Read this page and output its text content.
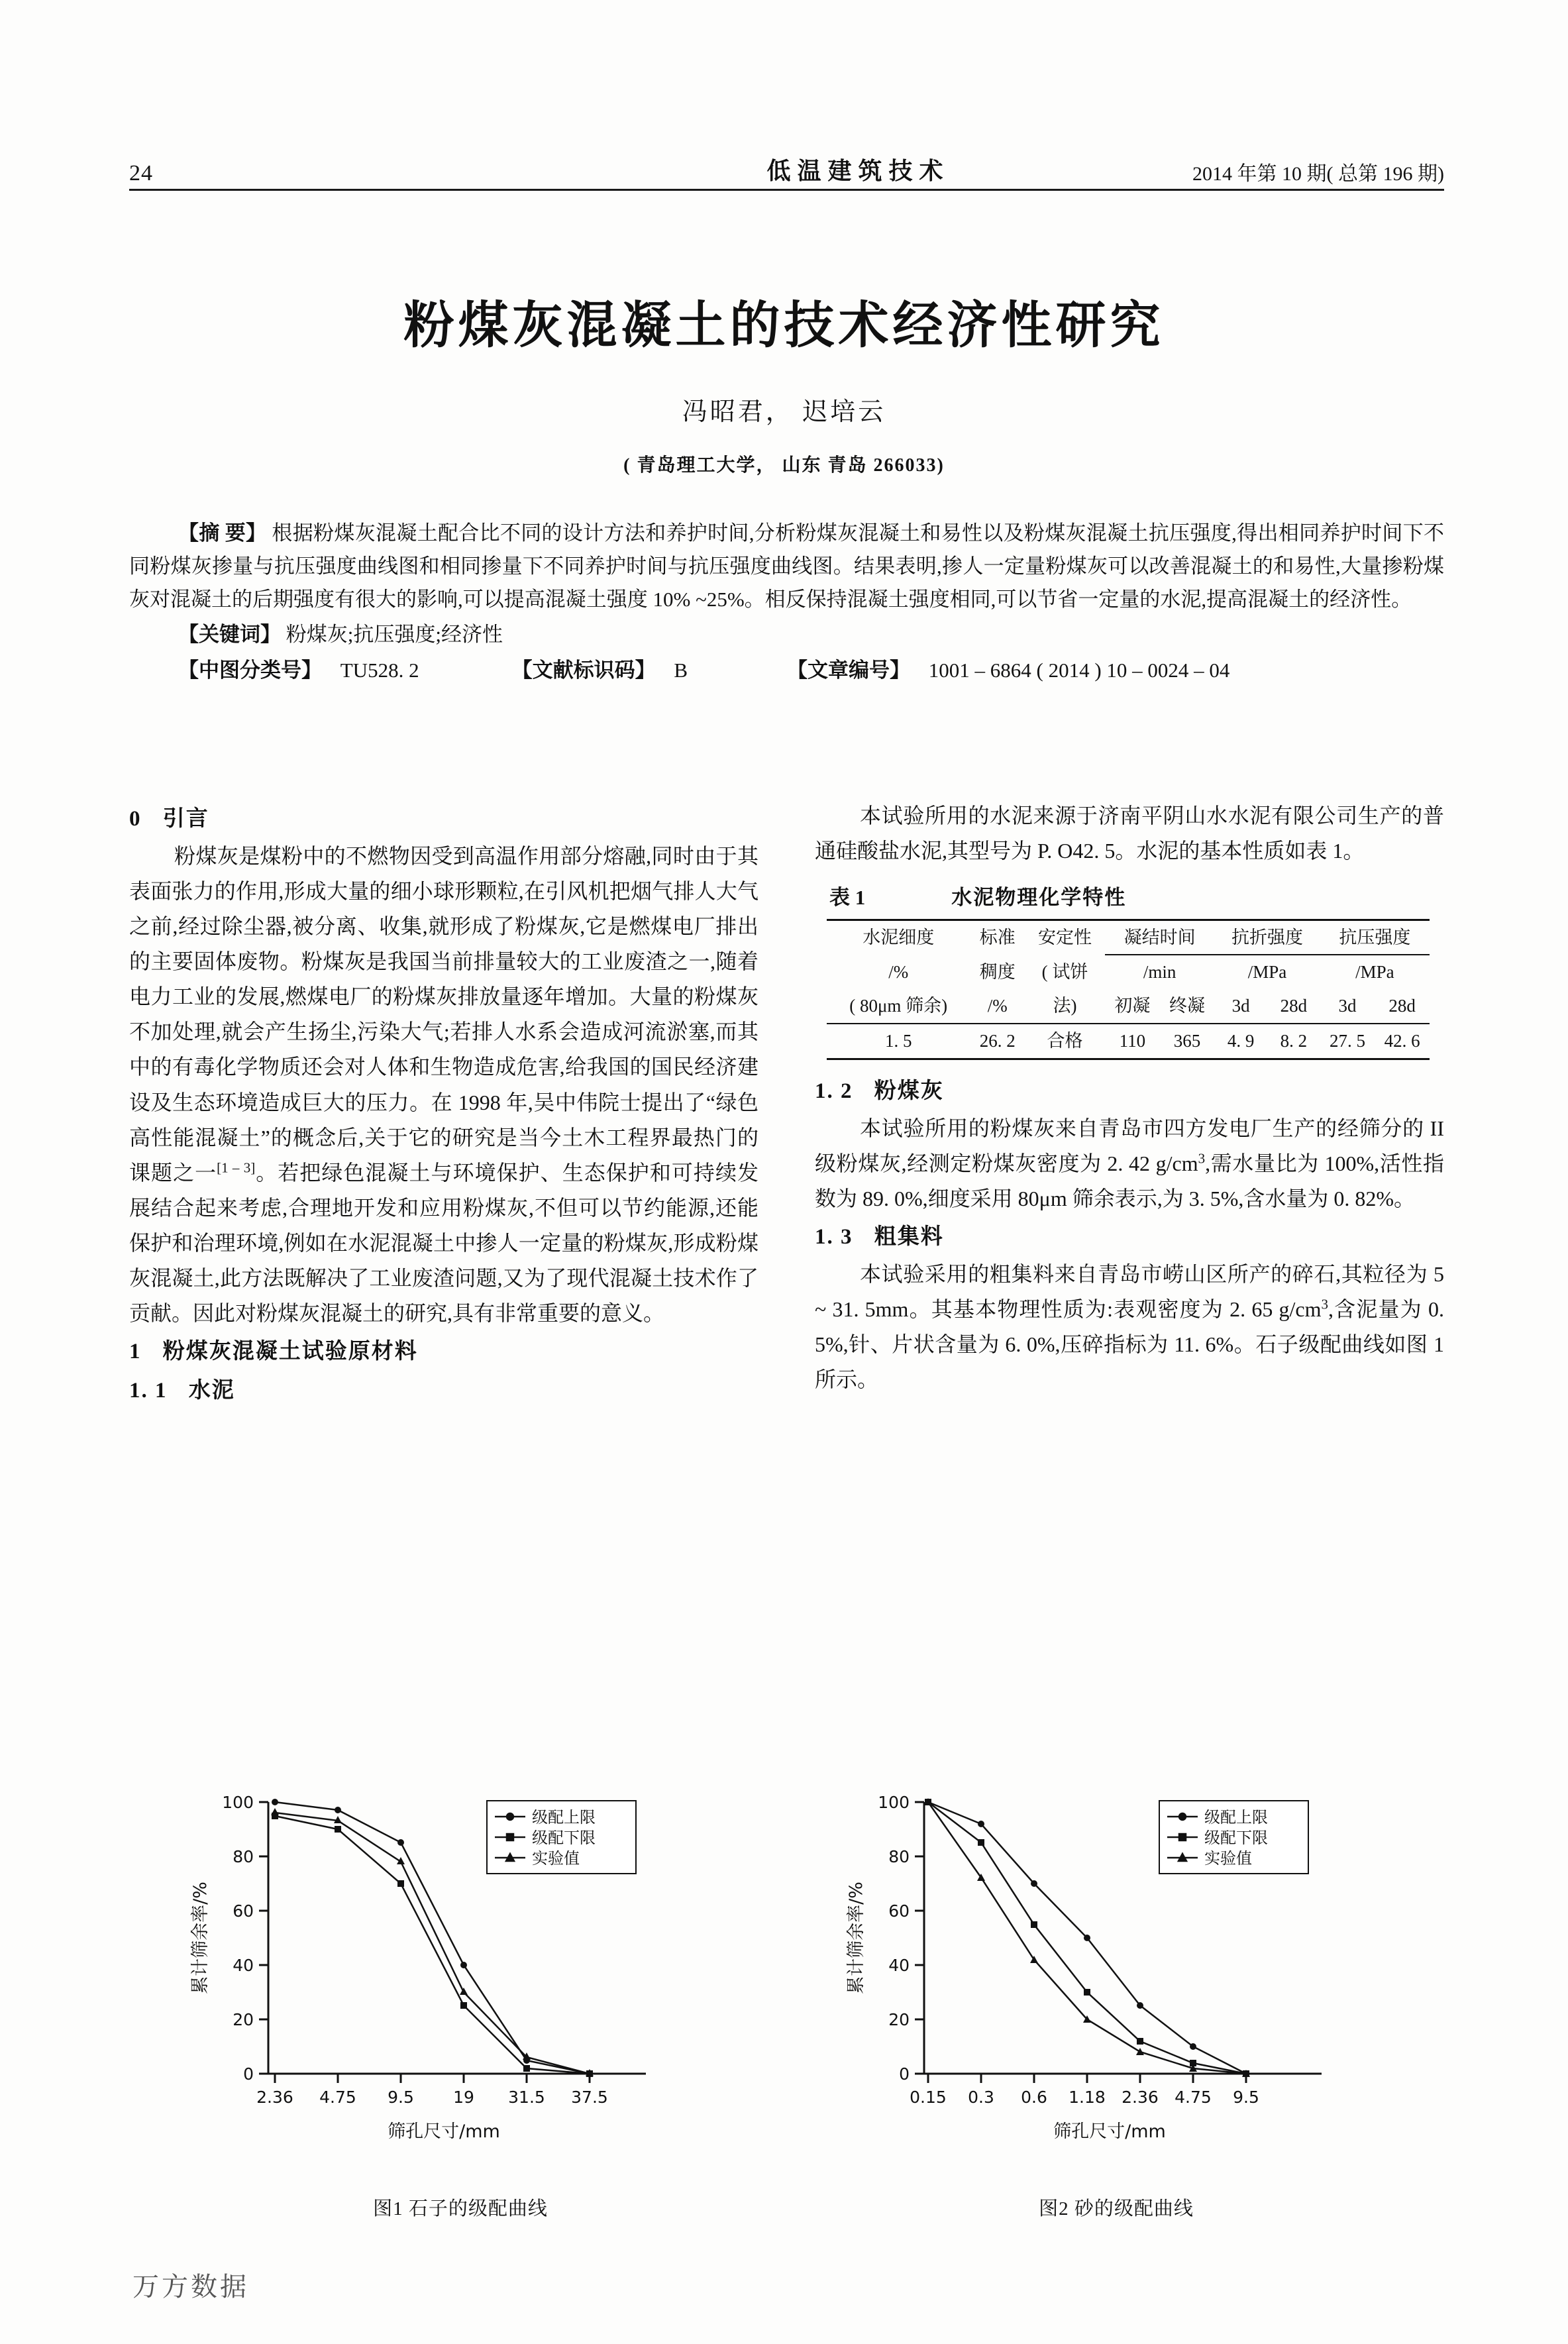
24	低温建筑技术	2014 年第 10 期( 总第 196 期)
粉煤灰混凝土的技术经济性研究
冯昭君， 迟培云
( 青岛理工大学， 山东 青岛 266033)

【摘 要】 根据粉煤灰混凝土配合比不同的设计方法和养护时间,分析粉煤灰混凝土和易性以及粉煤灰混凝土抗压强度,得出相同养护时间下不同粉煤灰掺量与抗压强度曲线图和相同掺量下不同养护时间与抗压强度曲线图。结果表明,掺人一定量粉煤灰可以改善混凝土的和易性,大量掺粉煤灰对混凝土的后期强度有很大的影响,可以提高混凝土强度 10% ~25%。相反保持混凝土强度相同,可以节省一定量的水泥,提高混凝土的经济性。

【关键词】 粉煤灰;抗压强度;经济性

【中图分类号】 TU528. 2	【文献标识码】 B	【文章编号】 1001 – 6864 ( 2014 ) 10 – 0024 – 04
0 引言

粉煤灰是煤粉中的不燃物因受到高温作用部分熔融,同时由于其表面张力的作用,形成大量的细小球形颗粒,在引风机把烟气排人大气之前,经过除尘器,被分离、收集,就形成了粉煤灰,它是燃煤电厂排出的主要固体废物。粉煤灰是我国当前排量较大的工业废渣之一,随着电力工业的发展,燃煤电厂的粉煤灰排放量逐年增加。大量的粉煤灰不加处理,就会产生扬尘,污染大气;若排人水系会造成河流淤塞,而其中的有毒化学物质还会对人体和生物造成危害,给我国的国民经济建设及生态环境造成巨大的压力。在 1998 年,吴中伟院士提出了“绿色高性能混凝土”的概念后,关于它的研究是当今土木工程界最热门的课题之一[1 – 3]。若把绿色混凝土与环境保护、生态保护和可持续发展结合起来考虑,合理地开发和应用粉煤灰,不但可以节约能源,还能保护和治理环境,例如在水泥混凝土中掺人一定量的粉煤灰,形成粉煤灰混凝土,此方法既解决了工业废渣问题,又为了现代混凝土技术作了贡献。因此对粉煤灰混凝土的研究,具有非常重要的意义。

1 粉煤灰混凝土试验原材料
1. 1 水泥

本试验所用的水泥来源于济南平阴山水水泥有限公司生产的普通硅酸盐水泥,其型号为 P. O42. 5。水泥的基本性质如表 1。

表 1	水泥物理化学特性
水泥细度	标准	安定性	凝结时间		抗折强度		抗压强度	
/%	稠度	( 试饼	/min		/MPa		/MPa	
( 80μm 筛余)	/%	法)	初凝	终凝	3d	28d	3d	28d
1. 5	26. 2	合格	110	365	4. 9	8. 2	27. 5	42. 6
1. 2 粉煤灰

本试验所用的粉煤灰来自青岛市四方发电厂生产的经筛分的 II 级粉煤灰,经测定粉煤灰密度为 2. 42 $g/cm^3$,需水量比为 100%,活性指数为 89. 0%,细度采用 80μm 筛余表示,为 3. 5%,含水量为 0. 82%。

1. 3 粗集料

本试验采用的粗集料来自青岛市崂山区所产的碎石,其粒径为 5 ~ 31. 5mm。其基本物理性质为:表观密度为 2. 65 $g/cm^3$,含泥量为 0. 5%,针、片状含量为 6. 0%,压碎指标为 11. 6%。石子级配曲线如图 1 所示。

0
20
40
60
80
100
2.36 4.75 9.5 19 31.5 37.5
累计筛余率/%
筛孔尺寸/mm
级配上限
级配下限
实验值
图1 石子的级配曲线
0
20
40
60
80
100
0.15 0.3 0.6 1.18 2.36 4.75 9.5
累计筛余率/%
筛孔尺寸/mm
级配上限
级配下限
实验值
图2 砂的级配曲线
万方数据
